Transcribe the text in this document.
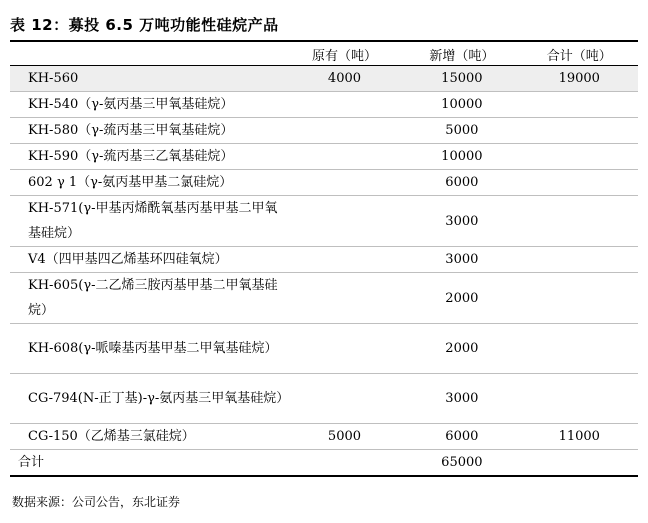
表 12：募投 6.5 万吨功能性硅烷产品
	原有（吨）	新增（吨）	合计（吨）
KH-560	4000	15000	19000
KH-540（γ-氨丙基三甲氧基硅烷）		10000	
KH-580（γ-巯丙基三甲氧基硅烷）		5000	
KH-590（γ-巯丙基三乙氧基硅烷）		10000	
602 γ 1（γ-氨丙基甲基二氯硅烷）		6000	
KH-571(γ-甲基丙烯酰氧基丙基甲基二甲氧基硅烷）		3000	
V4（四甲基四乙烯基环四硅氧烷）		3000	
KH-605(γ-二乙烯三胺丙基甲基二甲氧基硅烷）		2000	
KH-608(γ-哌嗪基丙基甲基二甲氧基硅烷）		2000	
CG-794(N-正丁基)-γ-氨丙基三甲氧基硅烷）		3000	
CG-150（乙烯基三氯硅烷）	5000	6000	11000
合计		65000	
数据来源：公司公告，东北证券
